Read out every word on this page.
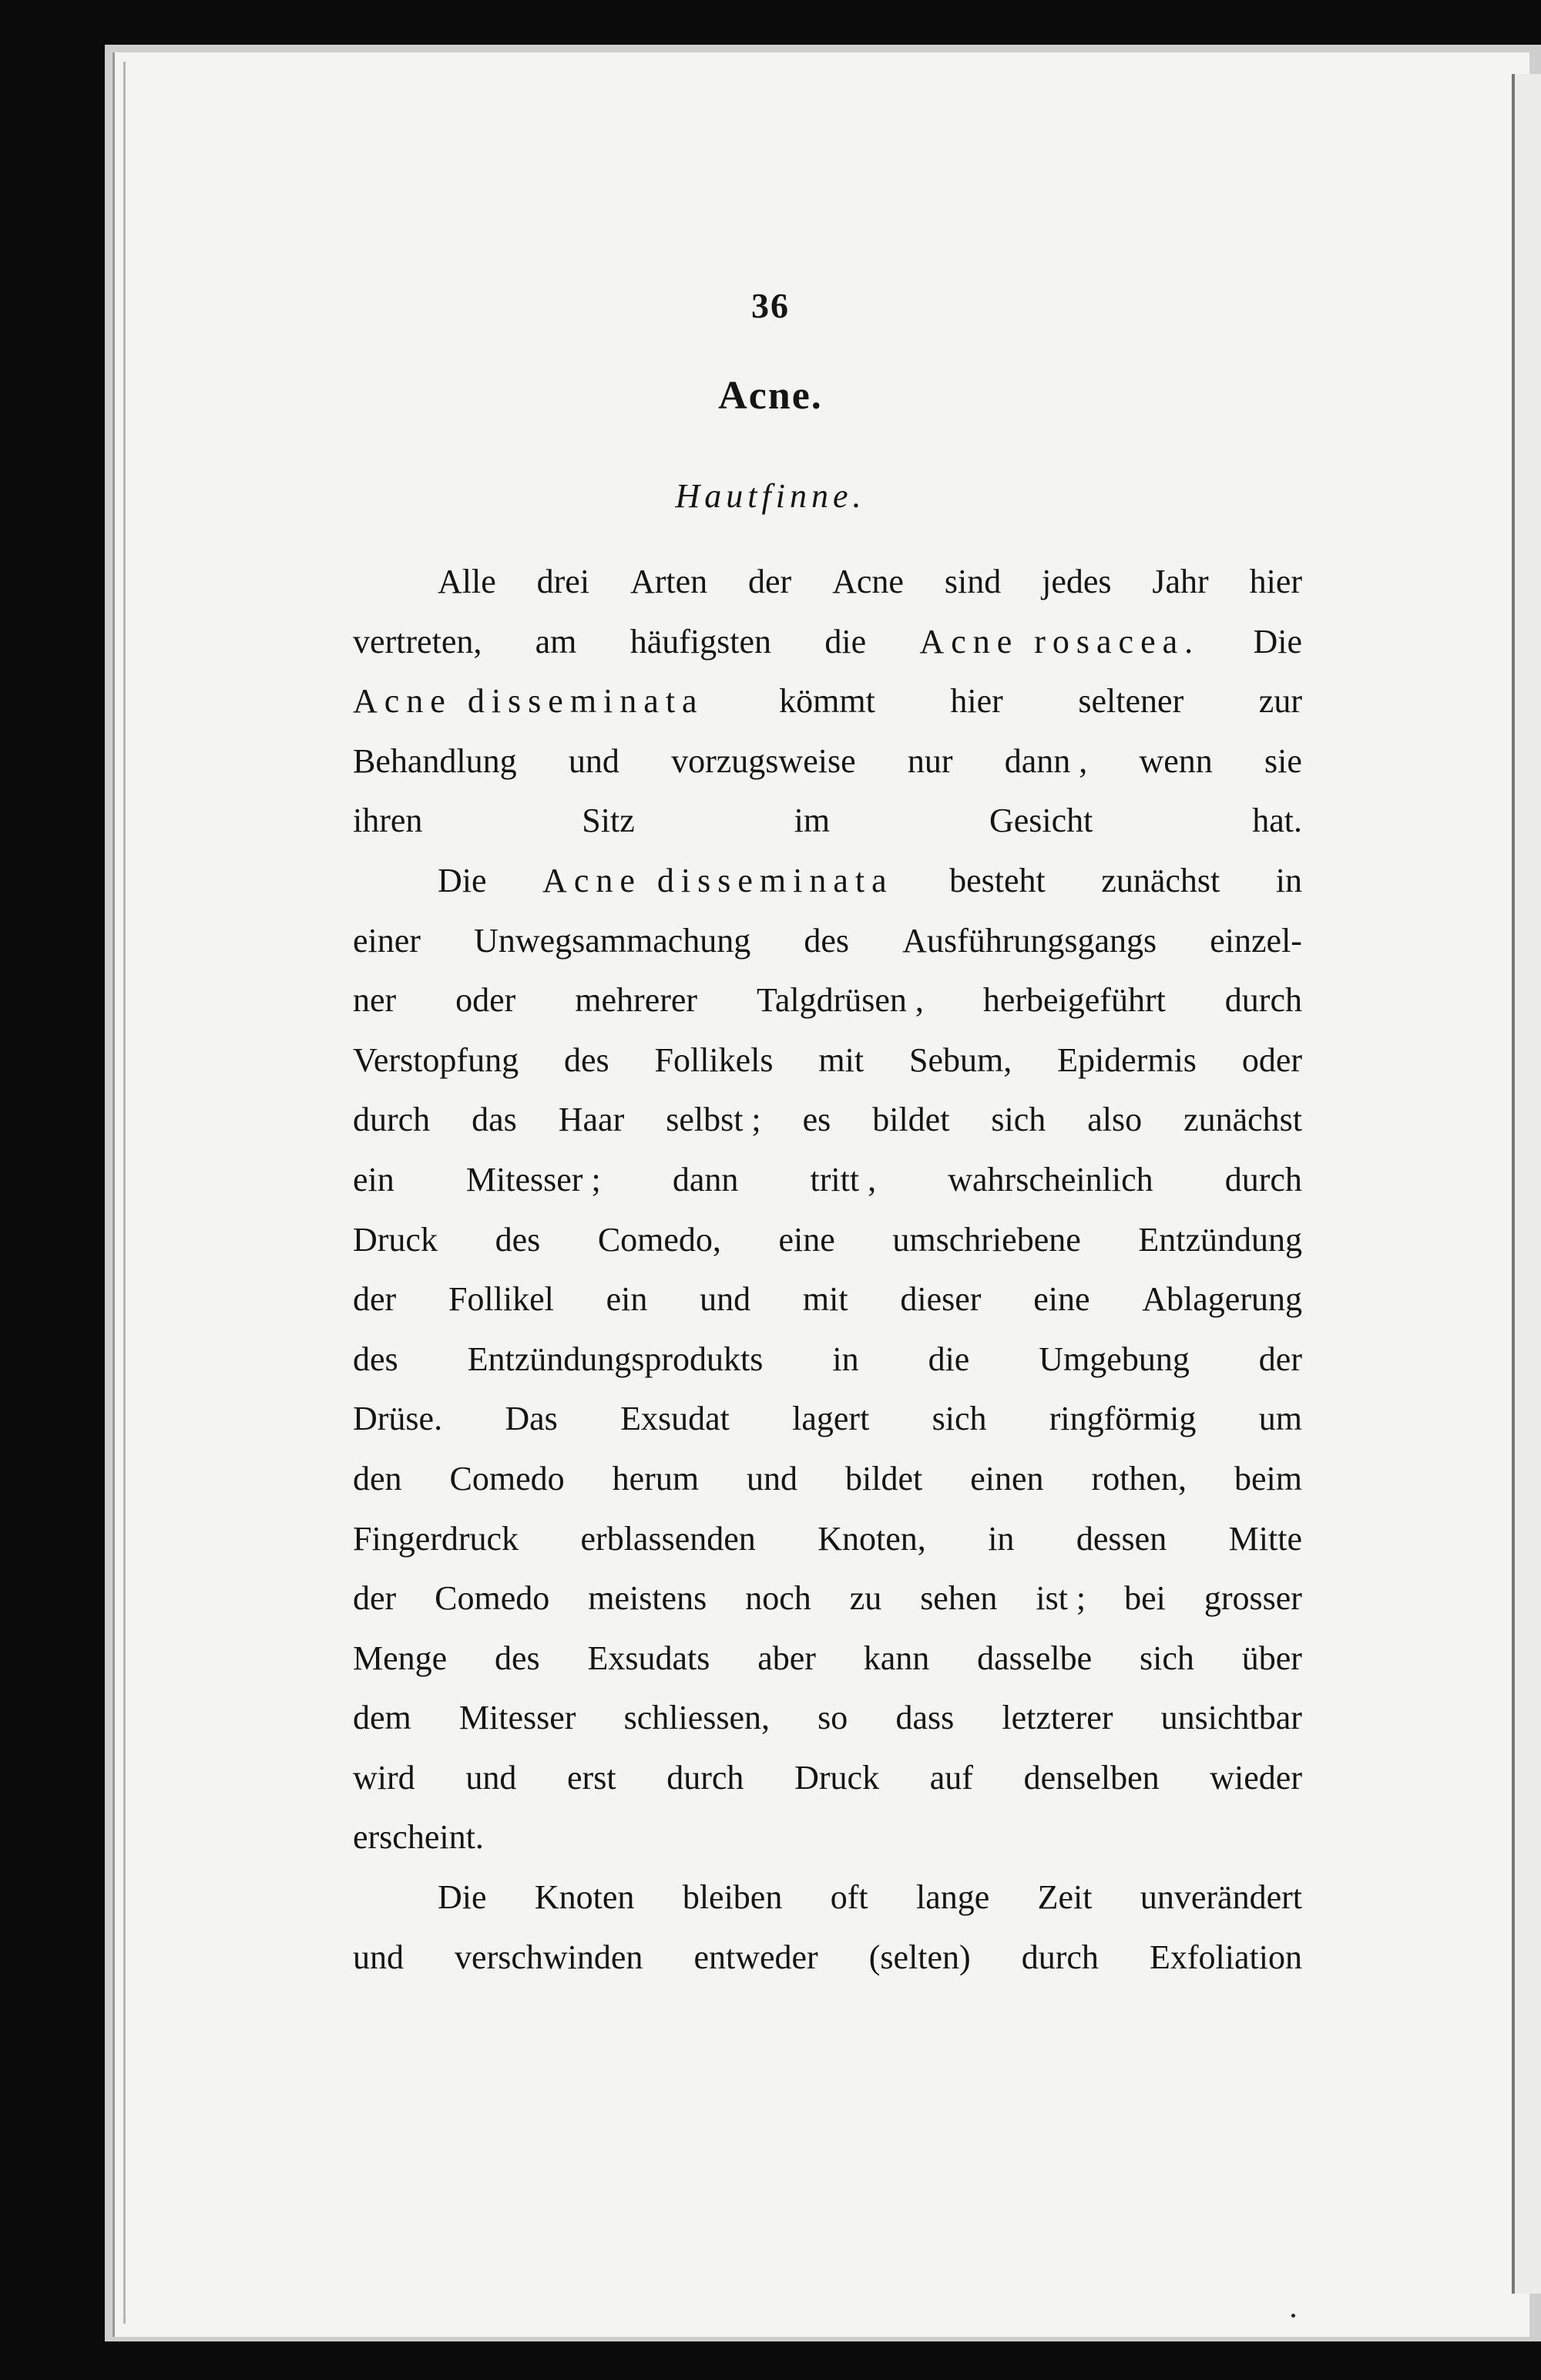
36
Acne.
Hautfinne.
Alle drei Arten der Acne sind jedes Jahr hier
vertreten, am häufigsten die Acne rosacea. Die
Acne disseminata kömmt hier seltener zur
Behandlung und vorzugsweise nur dann , wenn sie
ihren	Sitz	im	Gesicht	hat.
Die Acne disseminata besteht zunächst in
einer Unwegsammachung des Ausführungsgangs einzel-
ner oder mehrerer Talgdrüsen , herbeigeführt durch
Verstopfung des Follikels mit Sebum, Epidermis oder
durch das Haar selbst ; es bildet sich also zunächst
ein Mitesser ; dann tritt , wahrscheinlich durch
Druck des Comedo, eine umschriebene Entzündung
der Follikel ein und mit dieser eine Ablagerung
des Entzündungsprodukts in die Umgebung der
Drüse. Das Exsudat lagert sich ringförmig um
den Comedo herum und bildet einen rothen, beim
Fingerdruck erblassenden Knoten, in dessen Mitte
der Comedo meistens noch zu sehen ist ; bei grosser
Menge des Exsudats aber kann dasselbe sich über
dem Mitesser schliessen, so dass letzterer unsichtbar
wird und erst durch Druck auf denselben wieder
erscheint.
Die Knoten bleiben oft lange Zeit unverändert
und verschwinden entweder (selten) durch Exfoliation
